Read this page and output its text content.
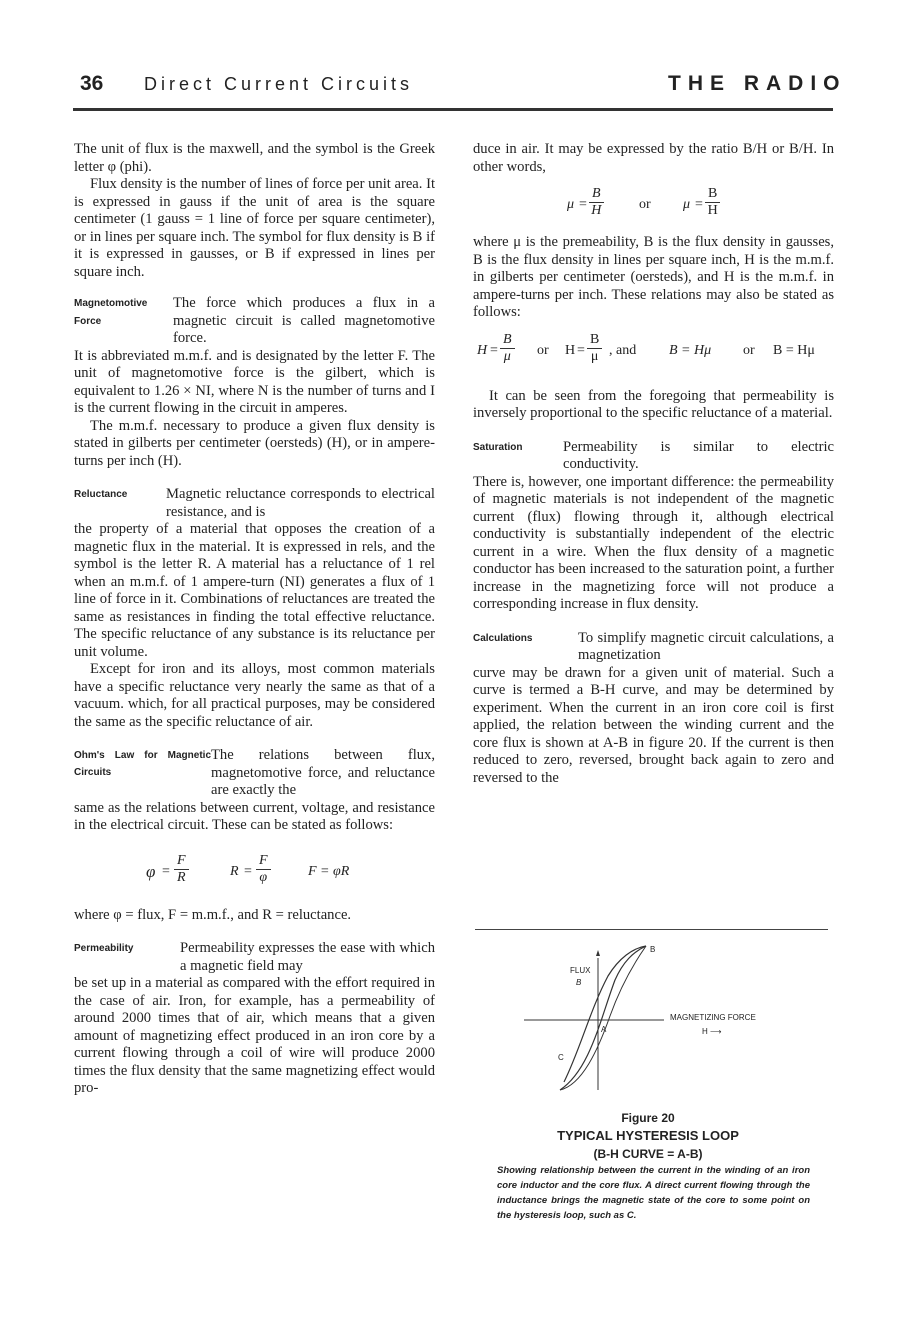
36 Direct Current Circuits	THE RADIO

The unit of flux is the maxwell, and the symbol is the Greek letter φ (phi).

Flux density is the number of lines of force per unit area. It is expressed in gauss if the unit of area is the square centimeter (1 gauss = 1 line of force per square centimeter), or in lines per square inch. The symbol for flux density is B if it is expressed in gausses, or B if expressed in lines per square inch.

Magnetomotive Force
The force which produces a flux in a magnetic circuit is called magnetomotive force.

It is abbreviated m.m.f. and is designated by the letter F. The unit of magnetomotive force is the gilbert, which is equivalent to 1.26 × NI, where N is the number of turns and I is the current flowing in the circuit in amperes.

The m.m.f. necessary to produce a given flux density is stated in gilberts per centimeter (oersteds) (H), or in ampere-turns per inch (H).

Reluctance	Magnetic reluctance corresponds to electrical resistance, and is

the property of a material that opposes the creation of a magnetic flux in the material. It is expressed in rels, and the symbol is the letter R. A material has a reluctance of 1 rel when an m.m.f. of 1 ampere-turn (NI) generates a flux of 1 line of force in it. Combinations of reluctances are treated the same as resistances in finding the total effective reluctance. The specific reluctance of any substance is its reluctance per unit volume.

Except for iron and its alloys, most common materials have a specific reluctance very nearly the same as that of a vacuum. which, for all practical purposes, may be considered the same as the specific reluctance of air.

Ohm's Law for Magnetic Circuits
The relations between flux, magnetomotive force, and reluctance are exactly the

same as the relations between current, voltage, and resistance in the electrical circuit. These can be stated as follows:

$\varphi = \frac{F}{R}$	$R = \frac{F}{\varphi}$	F = φR

where φ = flux, F = m.m.f., and R = reluctance.

Permeability	Permeability expresses the ease with which a magnetic field may

be set up in a material as compared with the effort required in the case of air. Iron, for example, has a permeability of around 2000 times that of air, which means that a given amount of magnetizing effect produced in an iron core by a current flowing through a coil of wire will produce 2000 times the flux density that the same magnetizing effect would pro-

duce in air. It may be expressed by the ratio B/H or B/H. In other words,

$\mu = \frac{B}{H}$	or $\mu = \frac{B}{H}$

where μ is the premeability, B is the flux density in gausses, B is the flux density in lines per square inch, H is the m.m.f. in gilberts per centimeter (oersteds), and H is the m.m.f. in ampere-turns per inch. These relations may also be stated as follows:

$H = \frac{B}{\mu}$ or $H = \frac{B}{\mu}$ , and B = Hμ or B = Hμ

It can be seen from the foregoing that permeability is inversely proportional to the specific reluctance of a material.

Saturation	Permeability is similar to electric conductivity.

There is, however, one important difference: the permeability of magnetic materials is not independent of the magnetic current (flux) flowing through it, although electrical conductivity is substantially independent of the electric current in a wire. When the flux density of a magnetic conductor has been increased to the saturation point, a further increase in the magnetizing force will not produce a corresponding increase in flux density.

Calculations	To simplify magnetic circuit calculations, a magnetization

curve may be drawn for a given unit of material. Such a curve is termed a B-H curve, and may be determined by experiment. When the current in an iron core coil is first applied, the relation between the winding current and the core flux is shown at A-B in figure 20. If the current is then reduced to zero, reversed, brought back again to zero and reversed to the

B
FLUX
B
A
C
MAGNETIZING FORCE
H ⟶
Figure 20
TYPICAL HYSTERESIS LOOP
(B-H CURVE = A-B)
Showing relationship between the current in the winding of an iron core inductor and the core flux. A direct current flowing through the inductance brings the magnetic state of the core to some point on the hysteresis loop, such as C.
